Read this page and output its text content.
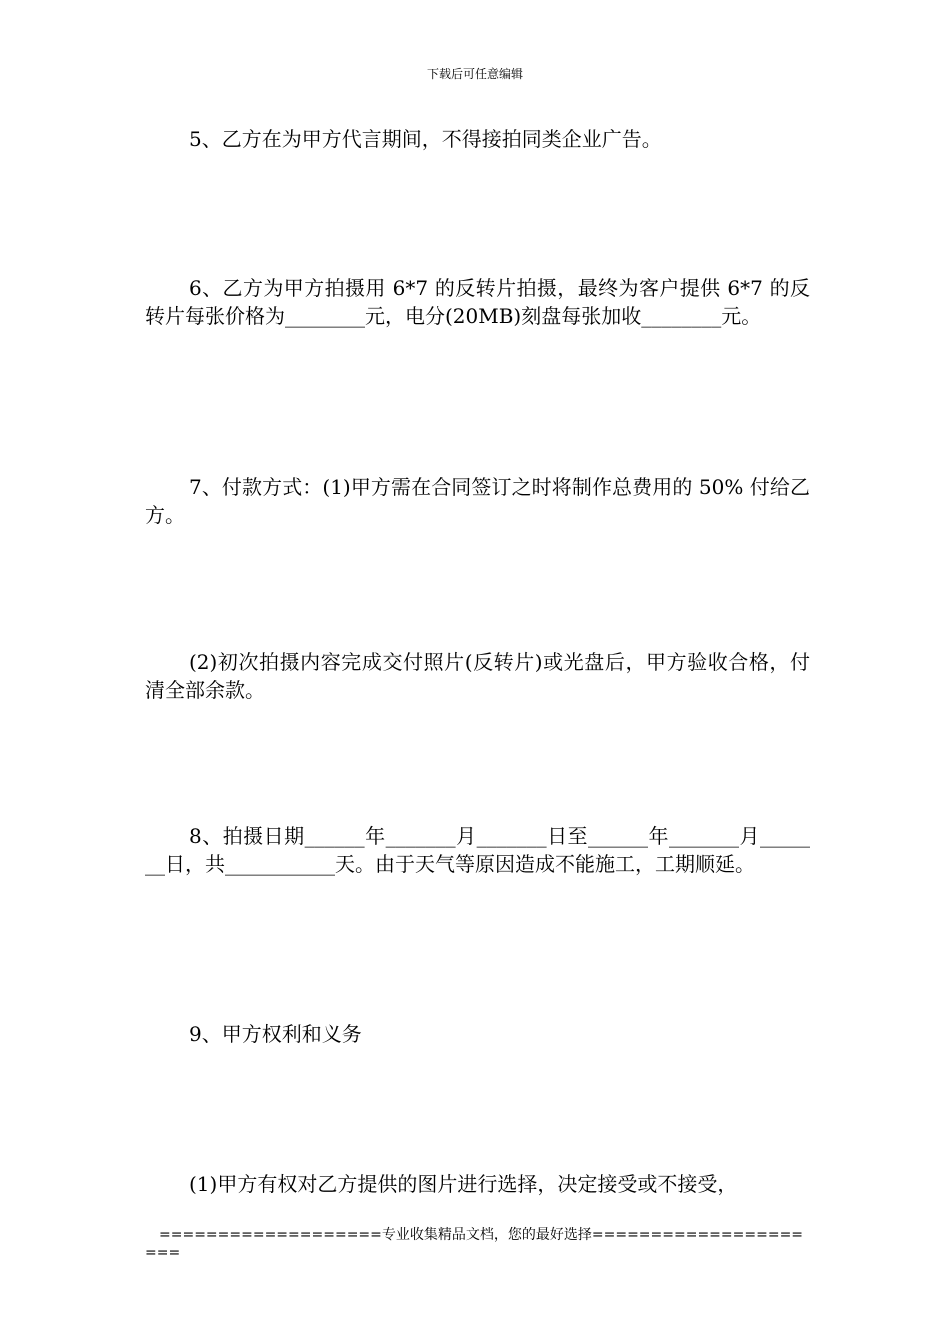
下载后可任意编辑

5、乙方在为甲方代言期间，不得接拍同类企业广告。

6、乙方为甲方拍摄用 6*7 的反转片拍摄，最终为客户提供 6*7 的反转片每张价格为________元，电分(20MB)刻盘每张加收________元。

7、付款方式：(1)甲方需在合同签订之时将制作总费用的 50% 付给乙方。

(2)初次拍摄内容完成交付照片(反转片)或光盘后，甲方验收合格，付清全部余款。

8、拍摄日期______年_______月_______日至______年_______月_______日，共___________天。由于天气等原因造成不能施工，工期顺延。

9、甲方权利和义务

(1)甲方有权对乙方提供的图片进行选择，决定接受或不接受，

===================专业收集精品文档，您的最好选择=====================
